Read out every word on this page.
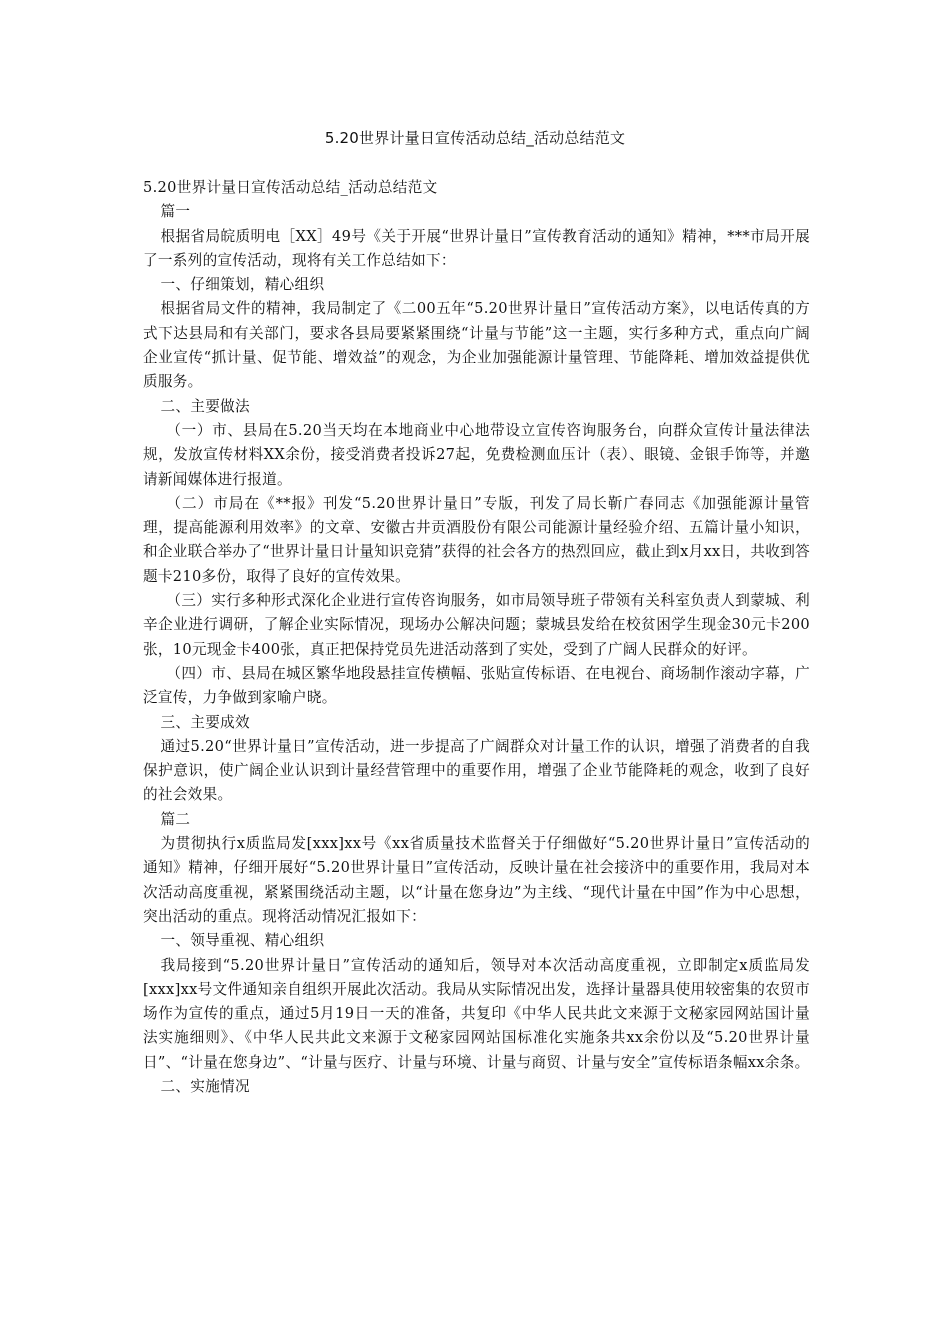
5.20世界计量日宣传活动总结_活动总结范文

5.20世界计量日宣传活动总结_活动总结范文

篇一

根据省局皖质明电［XX］49号《关于开展“世界计量日”宣传教育活动的通知》精神，***市局开展了一系列的宣传活动，现将有关工作总结如下：

一、仔细策划，精心组织

根据省局文件的精神，我局制定了《二00五年“5.20世界计量日”宣传活动方案》，以电话传真的方式下达县局和有关部门，要求各县局要紧紧围绕“计量与节能”这一主题，实行多种方式，重点向广阔企业宣传“抓计量、促节能、增效益”的观念，为企业加强能源计量管理、节能降耗、增加效益提供优质服务。

二、主要做法

（一）市、县局在5.20当天均在本地商业中心地带设立宣传咨询服务台，向群众宣传计量法律法规，发放宣传材料XX余份，接受消费者投诉27起，免费检测血压计（表）、眼镜、金银手饰等，并邀请新闻媒体进行报道。

（二）市局在《**报》刊发“5.20世界计量日”专版，刊发了局长靳广春同志《加强能源计量管理，提高能源利用效率》的文章、安徽古井贡酒股份有限公司能源计量经验介绍、五篇计量小知识，和企业联合举办了“世界计量日计量知识竞猜”获得的社会各方的热烈回应，截止到x月xx日，共收到答题卡210多份，取得了良好的宣传效果。

（三）实行多种形式深化企业进行宣传咨询服务，如市局领导班子带领有关科室负责人到蒙城、利辛企业进行调研，了解企业实际情况，现场办公解决问题；蒙城县发给在校贫困学生现金30元卡200张，10元现金卡400张，真正把保持党员先进活动落到了实处，受到了广阔人民群众的好评。

（四）市、县局在城区繁华地段悬挂宣传横幅、张贴宣传标语、在电视台、商场制作滚动字幕，广泛宣传，力争做到家喻户晓。

三、主要成效

通过5.20“世界计量日”宣传活动，进一步提高了广阔群众对计量工作的认识，增强了消费者的自我保护意识，使广阔企业认识到计量经营管理中的重要作用，增强了企业节能降耗的观念，收到了良好的社会效果。

篇二

为贯彻执行x质监局发[xxx]xx号《xx省质量技术监督关于仔细做好“5.20世界计量日”宣传活动的通知》精神，仔细开展好“5.20世界计量日”宣传活动，反映计量在社会接济中的重要作用，我局对本次活动高度重视，紧紧围绕活动主题，以“计量在您身边”为主线、“现代计量在中国”作为中心思想，突出活动的重点。现将活动情况汇报如下：

一、领导重视、精心组织

我局接到“5.20世界计量日”宣传活动的通知后，领导对本次活动高度重视，立即制定x质监局发[xxx]xx号文件通知亲自组织开展此次活动。我局从实际情况出发，选择计量器具使用较密集的农贸市场作为宣传的重点，通过5月19日一天的准备，共复印《中华人民共此文来源于文秘家园网站国计量法实施细则》、《中华人民共此文来源于文秘家园网站国标准化实施条共xx余份以及“5.20世界计量日”、“计量在您身边”、“计量与医疗、计量与环境、计量与商贸、计量与安全”宣传标语条幅xx余条。

二、实施情况
